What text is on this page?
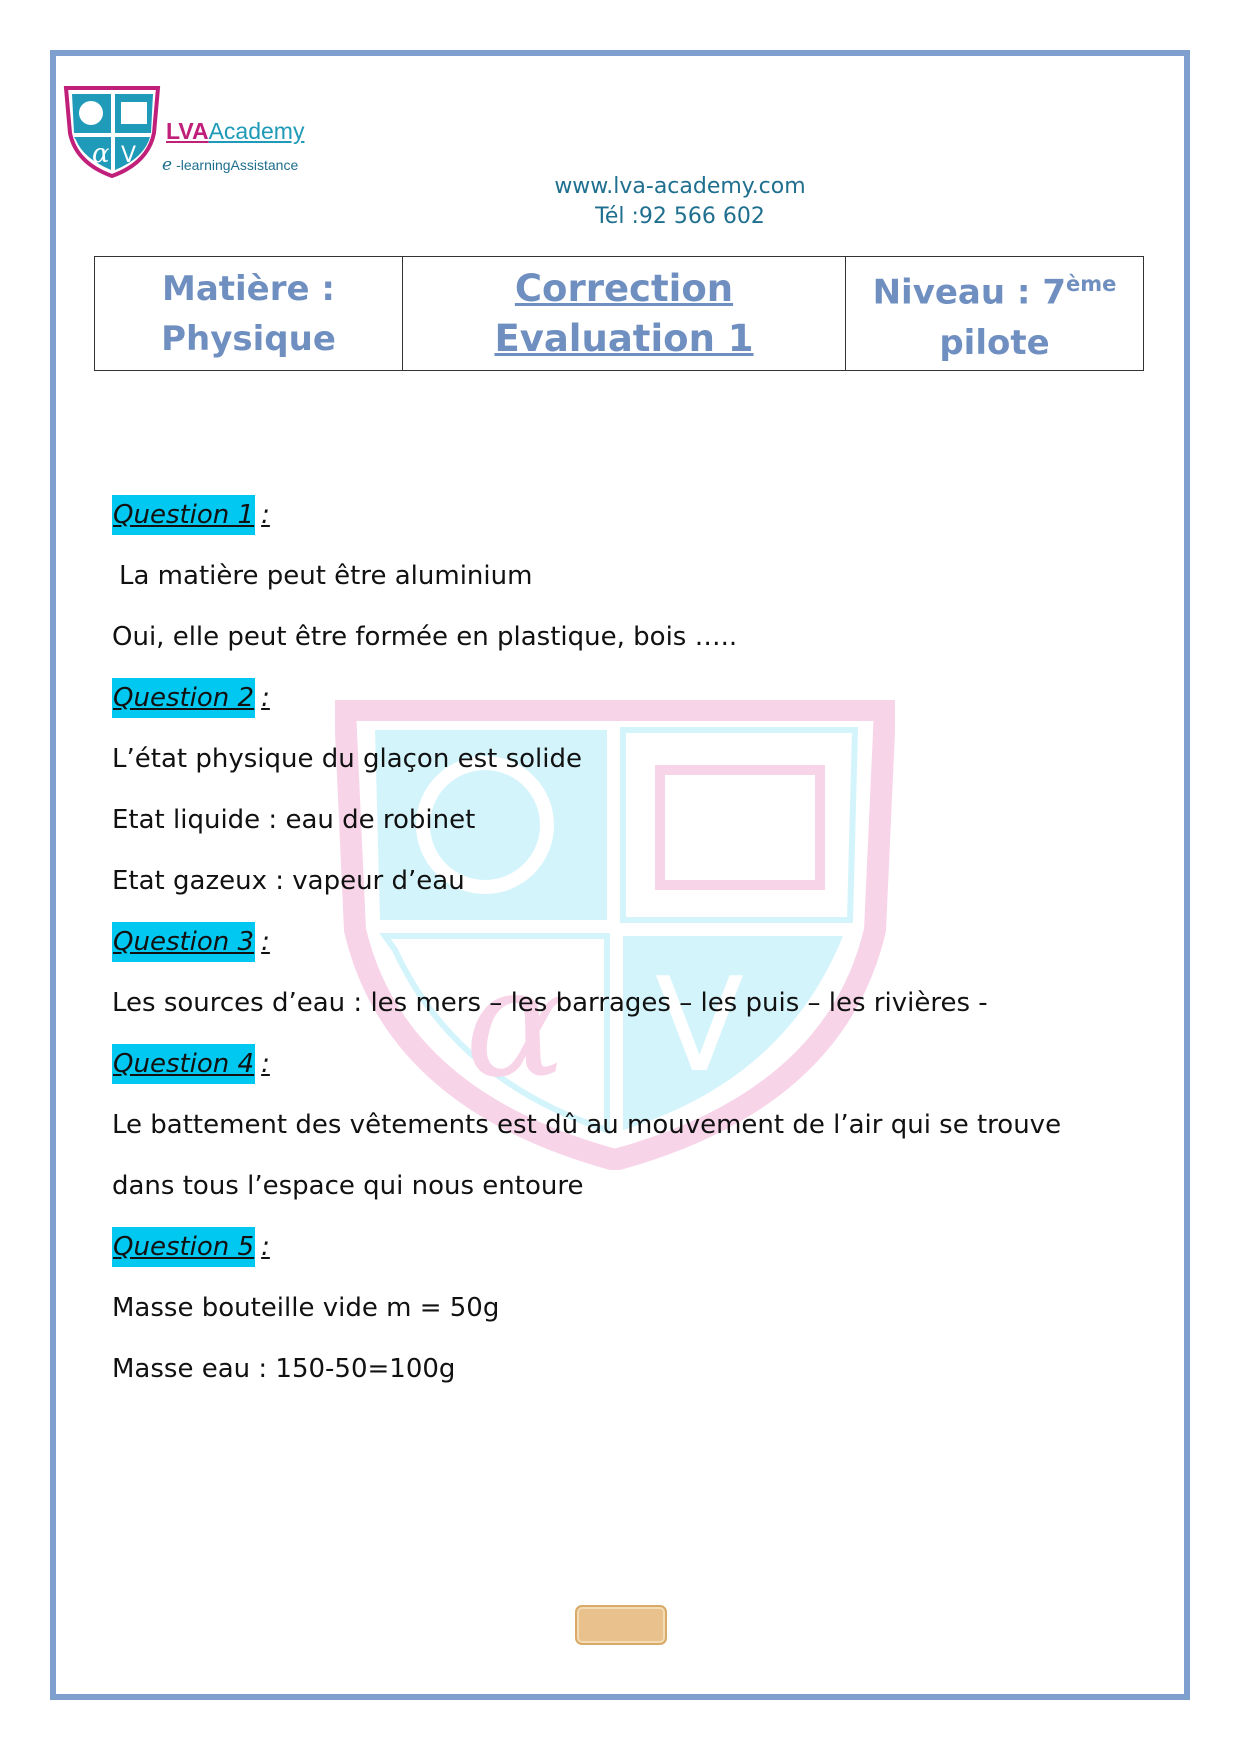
α V
LVAAcademy
e -learningAssistance
www.lva-academy.com
Tél :92 566 602
Matière :
Physique

Correction
Evaluation 1

Niveau : 7ème
pilote
α V
Question 1 :
La matière peut être aluminium
Oui, elle peut être formée en plastique, bois …..
Question 2 :
L’état physique du glaçon est solide
Etat liquide : eau de robinet
Etat gazeux : vapeur d’eau
Question 3 :
Les sources d’eau : les mers – les barrages – les puis – les rivières -
Question 4 :
Le battement des vêtements est dû au mouvement de l’air qui se trouve
dans tous l’espace qui nous entoure
Question 5 :
Masse bouteille vide m = 50g
Masse eau : 150-50=100g
